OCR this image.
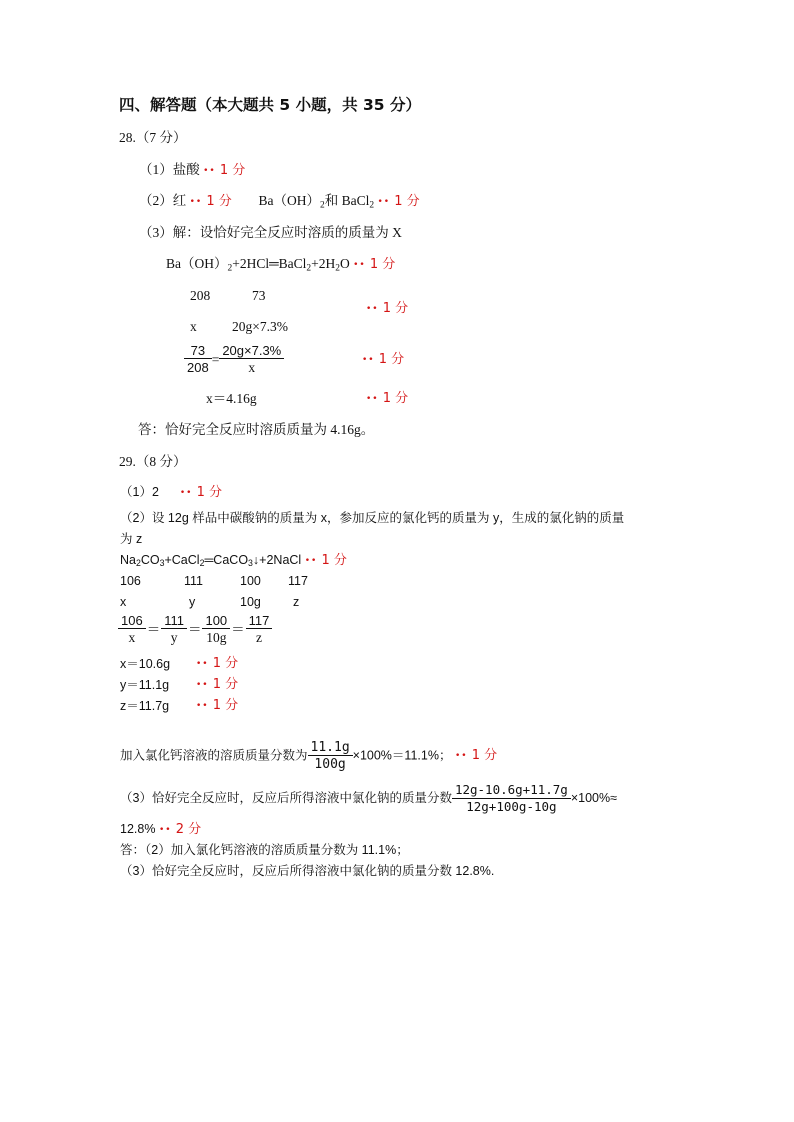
四、解答题（本大题共 5 小题，共 35 分）
28.（7 分）
（1）盐酸 •• 1 分
（2）红 •• 1 分 $Ba(OH)_2$和 BaCl$_2$ •• 1 分
（3）解：设恰好完全反应时溶质的质量为 X
$Ba(OH)_2+2HCl═BaCl_2+2H_2O$ •• 1 分
208	73
x	20g×7.3%
•• 1 分
$\frac{73}{208} = \frac{20g\times 7.3\%}{x}$	•• 1 分
x＝4.16g	•• 1 分
答：恰好完全反应时溶质质量为 4.16g。
29.（8 分）
（1）2 •• 1 分
（2）设 12g 样品中碳酸钠的质量为 x，参加反应的氯化钙的质量为 y，生成的氯化钠的质量
为 z
$Na_2CO_3+CaCl_2═CaCO_3↓+2NaCl$ •• 1 分
106	111	100 117
x	y	10g	z
$\frac{106}{x} = \frac{111}{y} = \frac{100}{10g} = \frac{117}{z}$
x＝10.6g	•• 1 分
y＝11.1g	•• 1 分
z＝11.7g	•• 1 分
加入氯化钙溶液的溶质质量分数为 $\frac{11.1g}{100g} \times 100\%=11.1\%$； •• 1 分
（3）恰好完全反应时，反应后所得溶液中氯化钠的质量分数 $\frac{12g-10.6g+11.7g}{12g+100g-10g} \times 100\%\approx$
12.8% •• 2 分
答：（2）加入氯化钙溶液的溶质质量分数为 11.1%；
（3）恰好完全反应时，反应后所得溶液中氯化钠的质量分数 12.8%.
